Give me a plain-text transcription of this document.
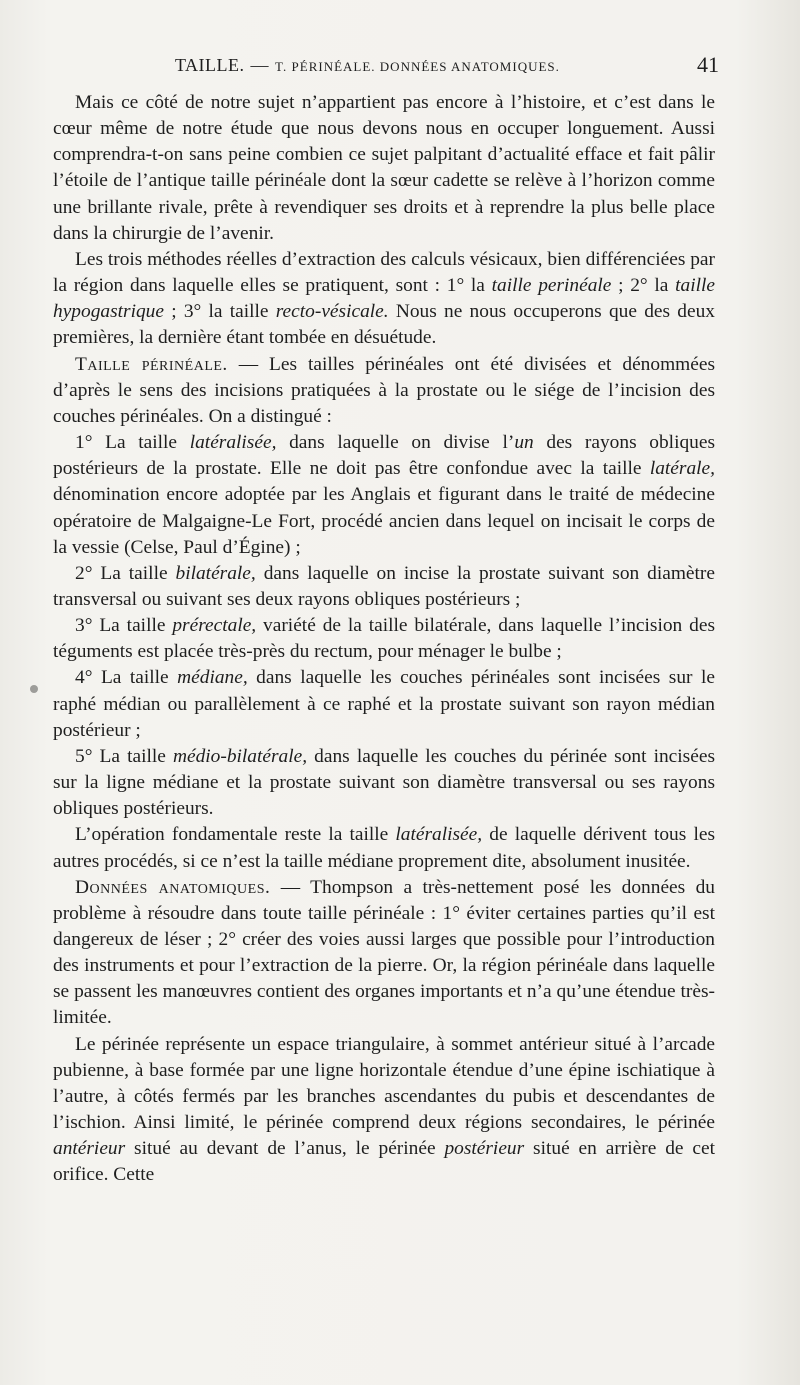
TAILLE. — T. PÉRINÉALE. DONNÉES ANATOMIQUES.	41

Mais ce côté de notre sujet n’appartient pas encore à l’histoire, et c’est dans le cœur même de notre étude que nous devons nous en occuper longuement. Aussi comprendra-t-on sans peine combien ce sujet palpitant d’actualité efface et fait pâlir l’étoile de l’antique taille périnéale dont la sœur cadette se relève à l’horizon comme une brillante rivale, prête à revendiquer ses droits et à reprendre la plus belle place dans la chirurgie de l’avenir.

Les trois méthodes réelles d’extraction des calculs vésicaux, bien différenciées par la région dans laquelle elles se pratiquent, sont : 1° la taille perinéale ; 2° la taille hypogastrique ; 3° la taille recto-vésicale. Nous ne nous occuperons que des deux premières, la dernière étant tombée en désuétude.

Taille périnéale. — Les tailles périnéales ont été divisées et dénommées d’après le sens des incisions pratiquées à la prostate ou le siége de l’incision des couches périnéales. On a distingué :

1° La taille latéralisée, dans laquelle on divise l’un des rayons obliques postérieurs de la prostate. Elle ne doit pas être confondue avec la taille latérale, dénomination encore adoptée par les Anglais et figurant dans le traité de médecine opératoire de Malgaigne-Le Fort, procédé ancien dans lequel on incisait le corps de la vessie (Celse, Paul d’Égine) ;

2° La taille bilatérale, dans laquelle on incise la prostate suivant son diamètre transversal ou suivant ses deux rayons obliques postérieurs ;

3° La taille prérectale, variété de la taille bilatérale, dans laquelle l’incision des téguments est placée très-près du rectum, pour ménager le bulbe ;

4° La taille médiane, dans laquelle les couches périnéales sont incisées sur le raphé médian ou parallèlement à ce raphé et la prostate suivant son rayon médian postérieur ;

5° La taille médio-bilatérale, dans laquelle les couches du périnée sont incisées sur la ligne médiane et la prostate suivant son diamètre transversal ou ses rayons obliques postérieurs.

L’opération fondamentale reste la taille latéralisée, de laquelle dérivent tous les autres procédés, si ce n’est la taille médiane proprement dite, absolument inusitée.

Données anatomiques. — Thompson a très-nettement posé les données du problème à résoudre dans toute taille périnéale : 1° éviter certaines parties qu’il est dangereux de léser ; 2° créer des voies aussi larges que possible pour l’introduction des instruments et pour l’extraction de la pierre. Or, la région périnéale dans laquelle se passent les manœuvres contient des organes importants et n’a qu’une étendue très-limitée.

Le périnée représente un espace triangulaire, à sommet antérieur situé à l’arcade pubienne, à base formée par une ligne horizontale étendue d’une épine ischiatique à l’autre, à côtés fermés par les branches ascendantes du pubis et descendantes de l’ischion. Ainsi limité, le périnée comprend deux régions secondaires, le périnée antérieur situé au devant de l’anus, le périnée postérieur situé en arrière de cet orifice. Cette
